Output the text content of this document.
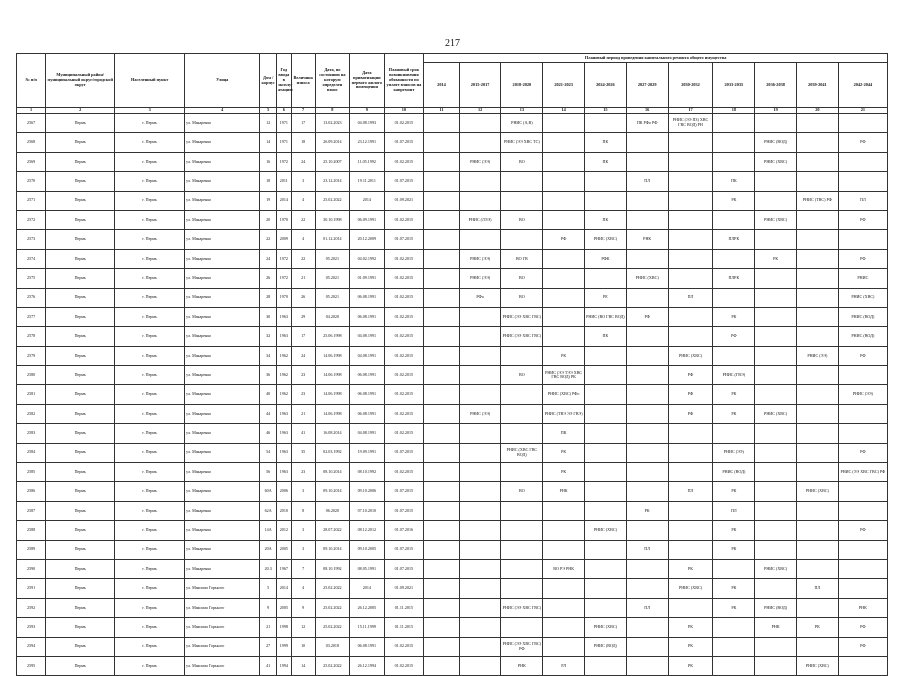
217
№ п/п	Муниципальный район/ муниципальный округ/городской округ	Населенный пункт	Улица	Дом / корпус	Год ввода в эксплу-атацию	Величина износа	Дата, по состоянию на которую определен износ	Дата приватизации первого жилого помещения	Плановый срок возникновения обязанности по уплате взносов на капремонт	Плановый период проведения капитального ремонта общего имущества										
										2014	2015-2017	2018-2020	2021-2023	2024-2026	2027-2029	2030-2032	2033-2035	2036-2038	2039-2041	2042-2044
1	2	3	4	5	6	7	8	9	10	11	12	13	14	15	16	17	18	19	20	21
2567	Пермь	г. Пермь	ул. Макаренко	12	1971	17	13.02.2023	04.08.1993	01.02.2015			РНИС (А,В)			ПК РФо РФ	РНИС (ЭЭ ПЗ) ХВС ГВС ВОД) РН				
2568	Пермь	г. Пермь	ул. Макаренко	14	1971	18	26.09.2014	23.12.1991	01.07.2015			РНИС (ЭЭ ХВС ТС)		ПК				РНИС (ВОД)		РФ
2569	Пермь	г. Пермь	ул. Макаренко	16	1972	24	25.10.2007	11.05.1992	01.02.2015		РНИС (ЭЭ)	ВО		ПК				РНИС (ХВС)		
2570	Пермь	г. Пермь	ул. Макаренко	18	2011	3	23.12.2014	19.11.2011	01.07.2015						ПЛ		ПК			
2571	Пермь	г. Пермь	ул. Макаренко	19	2014	4	25.02.2022	2014	01.09.2021								РК		РНИС (ТВС) РФ	ПЛ
2572	Пермь	г. Пермь	ул. Макаренко	20	1970	22	30.10.1998	06.09.1991	01.02.2015		РНИС (ЛЭЭ)	ВО		ПК				РНИС (ХВС)		РФ
2573	Пермь	г. Пермь	ул. Макаренко	22	2009	4	01.12.2014	20.12.2009	01.07.2015				РФ	РНИС (ХВС)	РНК		ПЛРК			
2574	Пермь	г. Пермь	ул. Макаренко	24	1972	22	05.2021	04.02.1992	01.02.2015		РНИС (ЭЭ)	ВО ГВ		РФК				РК		РФ
2575	Пермь	г. Пермь	ул. Макаренко	26	1972	21	05.2021	01.09.1991	01.02.2015		РНИС (ЭЭ)	ВО			РНИС (ХВС)		ПЛРК			РНИС
2576	Пермь	г. Пермь	ул. Макаренко	28	1970	26	05.2021	06.08.1991	01.02.2015		РФо	ВО		РЕ		ПЛ				РНИС (ХВС)
2577	Пермь	г. Пермь	ул. Макаренко	30	1963	29	04.2020	06.08.1991	01.02.2015			РНИС (ЭЭ ХВС ГВС)		РНИС (ВО ГВС ВОД)	РФ		РК			РНИС (ВОД)
2578	Пермь	г. Пермь	ул. Макаренко	32	1963	17	25.06.1998	04.08.1991	01.02.2015			РНИС (ЭЭ ХВС ГВС)		ПК			РФ			РНИС (ВОД)
2579	Пермь	г. Пермь	ул. Макаренко	34	1962	24	14.06.1998	04.08.1991	01.02.2015				РК			РНИС (ХВС)			РНИС (ЭЭ)	РФ
2580	Пермь	г. Пермь	ул. Макаренко	36	1962	23	14.06.1998	06.08.1991	01.02.2015			ВО	РНИС (ЭЭ ТЭЭ ХВС ГВС ВОД) РК			РФ	РНИС (ГВЭ)			
2581	Пермь	г. Пермь	ул. Макаренко	40	1962	23	14.06.1998	06.08.1991	01.02.2015				РНИС (ХВС) РФо			РФ	РК			РНИС (ЭЭ)
2582	Пермь	г. Пермь	ул. Макаренко	44	1963	21	14.06.1998	06.08.1991	01.02.2015		РНИС (ЭЭ)		РНИС (ТВЭ ЭЭ ГВЭ)			РФ	РК	РНИС (ХВС)		
2583	Пермь	г. Пермь	ул. Макаренко	46	1963	41	16.08.2014	04.08.1991	01.02.2015				ПК							
2584	Пермь	г. Пермь	ул. Макаренко	54	1963	35	02.03.1992	19.09.1991	01.07.2015			РНИС (ХВС ГВС ВОД)	РК				РНИС (ЭЭ)			РФ
2585	Пермь	г. Пермь	ул. Макаренко	56	1963	23	08.10.2014	08.10.1992	01.02.2015				РК				РНИС (ВОД)			РНИС (ЭЭ ХВС ГВС) РФ
2586	Пермь	г. Пермь	ул. Макаренко	60А	2006	3	09.10.2014	09.10.2006	01.07.2015			ВО	РНК			ПЛ	РК		РНИС (ХВС)	
2587	Пермь	г. Пермь	ул. Макаренко	62А	2010	8	06.2020	07.10.2010	01.07.2015						РК		ПЛ			
2588	Пермь	г. Пермь	ул. Макаренко	14А	2012	3	28.07.2022	08.12.2012	01.07.2016					РНИС (ХВС)			РК			РФ
2589	Пермь	г. Пермь	ул. Макаренко	20А	2005	3	09.10.2014	09.10.2005	01.07.2015						ПЛ		РК			
2590	Пермь	г. Пермь	ул. Макаренко	20.3	1967	7	08.10.1992	08.05.1991	01.07.2015				ВО РЭ РНК			РК		РНИС (ХВС)		
2591	Пермь	г. Пермь	ул. Максима Горького	5	2014	4	25.02.2022	2014	01.09.2021							РНИС (ХВС)	РК		ПЛ	
2592	Пермь	г. Пермь	ул. Максима Горького	9	2005	9	25.02.2022	26.12.2005	01.11.2015			РНИС (ЭЭ ХВС ГВС)			ПЛ		РК	РНИС (ВОД)		РНК
2593	Пермь	г. Пермь	ул. Максима Горького	21	1998	12	25.02.2022	15.11.1999	01.11.2015					РНИС (ХВС)		РК		РНК	РК	РФ
2594	Пермь	г. Пермь	ул. Максима Горького	27	1999	10	03.2018	06.08.1991	01.02.2015			РНИС (ЭЭ ХВС ГВС) РФ		РНИС (ВОД)		РК				РФ
2595	Пермь	г. Пермь	ул. Максима Горького	41	1994	14	25.02.2022	26.12.1994	01.02.2015			РНК	РЛ			РК			РНИС (ХВС)	
